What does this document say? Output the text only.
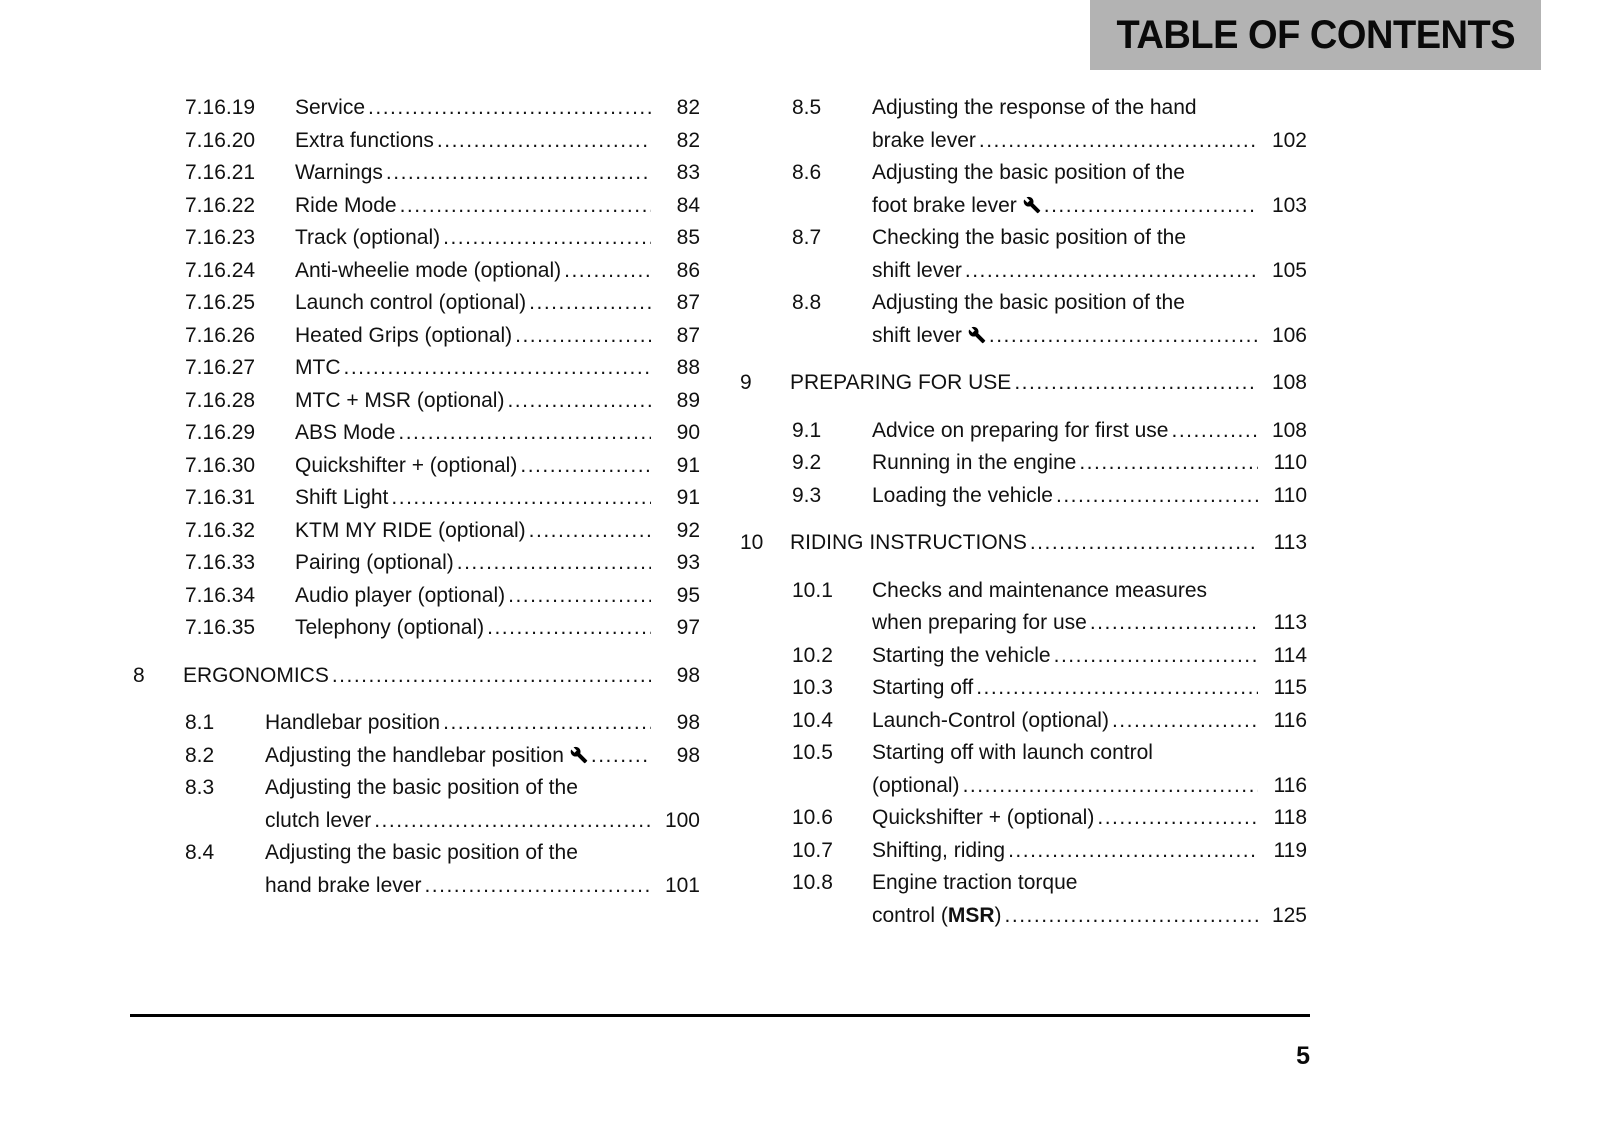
TABLE OF CONTENTS
7.16.19	Service .....	82
7.16.20	Extra functions .....	82
7.16.21	Warnings .....	83
7.16.22	Ride Mode .....	84
7.16.23	Track (optional) .....	85
7.16.24	Anti-wheelie mode (optional) .....	86
7.16.25	Launch control (optional) .....	87
7.16.26	Heated Grips (optional) .....	87
7.16.27	MTC .....	88
7.16.28	MTC + MSR (optional) .....	89
7.16.29	ABS Mode .....	90
7.16.30	Quickshifter + (optional) .....	91
7.16.31	Shift Light .....	91
7.16.32	KTM MY RIDE (optional) .....	92
7.16.33	Pairing (optional) .....	93
7.16.34	Audio player (optional) .....	95
7.16.35	Telephony (optional) .....	97
8	ERGONOMICS .....	98
8.1	Handlebar position .....	98
8.2	Adjusting the handlebar position .....	98
8.3	Adjusting the basic position of the
clutch lever .....	100
8.4	Adjusting the basic position of the
hand brake lever .....	101
8.5	Adjusting the response of the hand
brake lever .....	102
8.6	Adjusting the basic position of the
foot brake lever .....	103
8.7	Checking the basic position of the
shift lever .....	105
8.8	Adjusting the basic position of the
shift lever .....	106
9	PREPARING FOR USE .....	108
9.1	Advice on preparing for first use .....	108
9.2	Running in the engine .....	110
9.3	Loading the vehicle .....	110
10	RIDING INSTRUCTIONS .....	113
10.1	Checks and maintenance measures
when preparing for use .....	113
10.2	Starting the vehicle .....	114
10.3	Starting off .....	115
10.4	Launch-Control (optional) .....	116
10.5	Starting off with launch control
(optional) .....	116
10.6	Quickshifter + (optional) .....	118
10.7	Shifting, riding .....	119
10.8	Engine traction torque
control (MSR) .....	125
5
